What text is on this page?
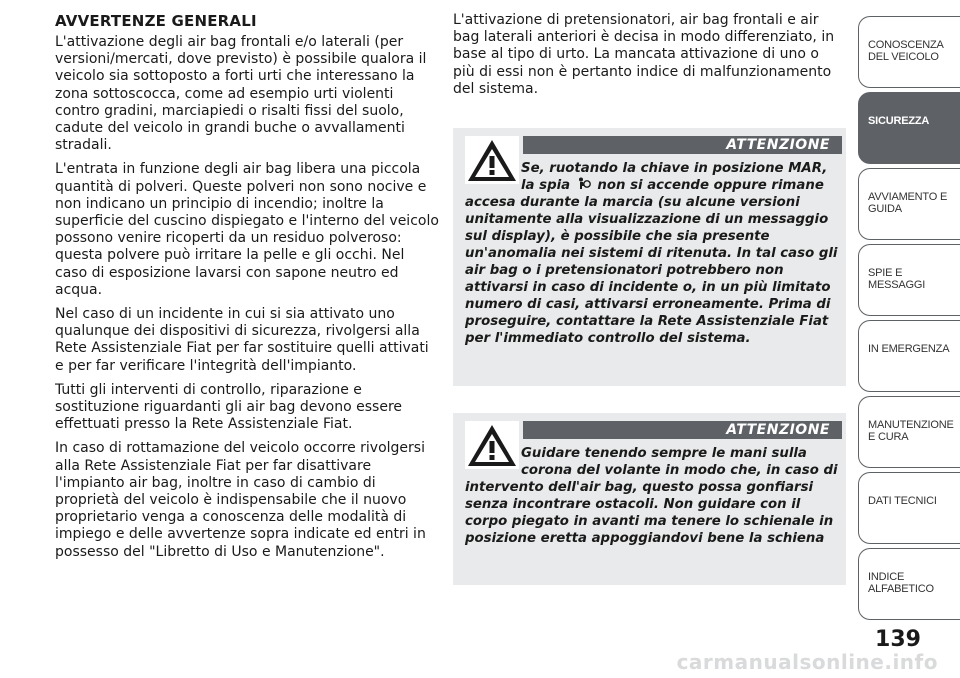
AVVERTENZE GENERALI

L'attivazione degli air bag frontali e/o laterali (per versioni/mercati, dove previsto) è possibile qualora il veicolo sia sottoposto a forti urti che interessano la zona sottoscocca, come ad esempio urti violenti contro gradini, marciapiedi o risalti fissi del suolo, cadute del veicolo in grandi buche o avvallamenti stradali.

L'entrata in funzione degli air bag libera una piccola quantità di polveri. Queste polveri non sono nocive e non indicano un principio di incendio; inoltre la superficie del cuscino dispiegato e l'interno del veicolo possono venire ricoperti da un residuo polveroso: questa polvere può irritare la pelle e gli occhi. Nel caso di esposizione lavarsi con sapone neutro ed acqua.

Nel caso di un incidente in cui si sia attivato uno qualunque dei dispositivi di sicurezza, rivolgersi alla Rete Assistenziale Fiat per far sostituire quelli attivati e per far verificare l'integrità dell'impianto.

Tutti gli interventi di controllo, riparazione e sostituzione riguardanti gli air bag devono essere effettuati presso la Rete Assistenziale Fiat.

In caso di rottamazione del veicolo occorre rivolgersi alla Rete Assistenziale Fiat per far disattivare l'impianto air bag, inoltre in caso di cambio di proprietà del veicolo è indispensabile che il nuovo proprietario venga a conoscenza delle modalità di impiego e delle avvertenze sopra indicate ed entri in possesso del "Libretto di Uso e Manutenzione".

L'attivazione di pretensionatori, air bag frontali e air bag laterali anteriori è decisa in modo differenziato, in base al tipo di urto. La mancata attivazione di uno o più di essi non è pertanto indice di malfunzionamento del sistema.

ATTENZIONE
Se, ruotando la chiave in posizione MAR, la spia non si accende oppure rimane accesa durante la marcia (su alcune versioni unitamente alla visualizzazione di un messaggio sul display), è possibile che sia presente un'anomalia nei sistemi di ritenuta. In tal caso gli air bag o i pretensionatori potrebbero non attivarsi in caso di incidente o, in un più limitato numero di casi, attivarsi erroneamente. Prima di proseguire, contattare la Rete Assistenziale Fiat per l'immediato controllo del sistema.
ATTENZIONE
Guidare tenendo sempre le mani sulla corona del volante in modo che, in caso di intervento dell'air bag, questo possa gonfiarsi senza incontrare ostacoli. Non guidare con il corpo piegato in avanti ma tenere lo schienale in posizione eretta appoggiandovi bene la schiena
CONOSCENZA DEL VEICOLO
SICUREZZA
AVVIAMENTO E GUIDA
SPIE E MESSAGGI
IN EMERGENZA
MANUTENZIONE E CURA
DATI TECNICI
INDICE ALFABETICO
139
carmanualsonline.info
